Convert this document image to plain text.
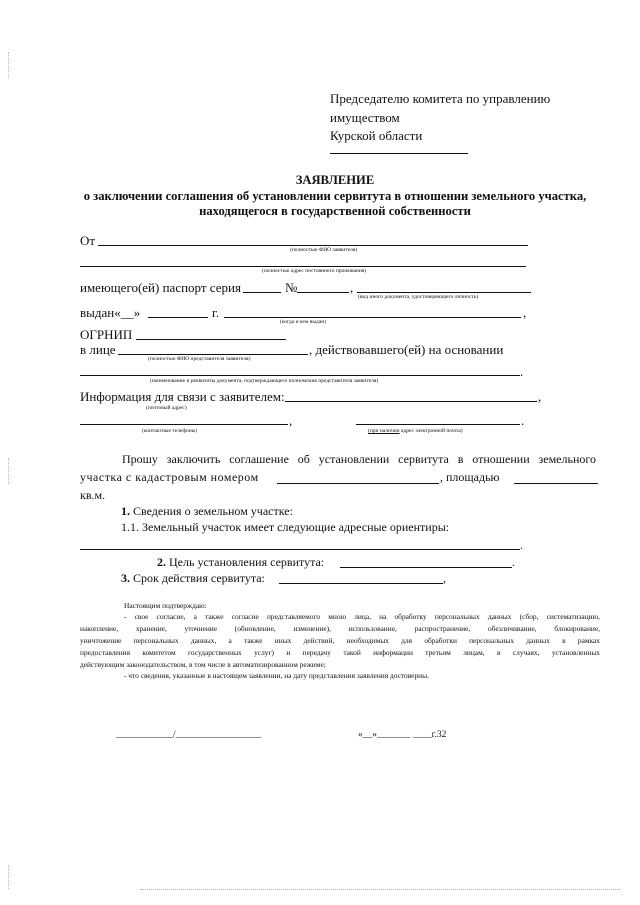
Председателю комитета по управлению
имуществом
Курской области
ЗАЯВЛЕНИЕ
о заключении соглашения об установлении сервитута в отношении земельного участка,
находящегося в государственной собственности
От
(полностью ФИО заявителя)
(полностью адрес постоянного проживания)
имеющего(ей) паспорт серия	№	,
(вид иного документа, удостоверяющего личность)
выдан«__»	г.	,
(когда и кем выдан)
ОГРНИП
в лице	, действовавшего(ей) на основании
(полностью ФИО представителя заявителя)
.
(наименование и реквизиты документа, подтверждающего полномочия представителя заявителя)
Информация для связи с заявителем:	,
(почтовый адрес)
,	.
(контактные телефоны)	(при наличии адрес электронной почты)
Прошу заключить соглашение об установлении сервитута в отношении земельного
участка с кадастровым номером	, площадью
кв.м.
1. Сведения о земельном участке:
1.1. Земельный участок имеет следующие адресные ориентиры:
.
2. Цель установления сервитута:	.
3. Срок действия сервитута:	,
Настоящим подтверждаю:
- свое согласие, а также согласие представляемого мною лица, на обработку персональных данных (сбор, систематизацию,
накопление, хранение, уточнение (обновление, изменение), использование, распространение, обезличивание, блокирование,
уничтожение персональных данных, а также иных действий, необходимых для обработки персональных данных в рамках
предоставления комитетом государственных услуг) и передачу такой информации третьим лицам, в случаях, установленных
действующим законодательством, в том числе в автоматизированном режиме;
- что сведения, указанные в настоящем заявлении, на дату представления заявления достоверны.
____________/__________________	«__»_______ ____г.32
